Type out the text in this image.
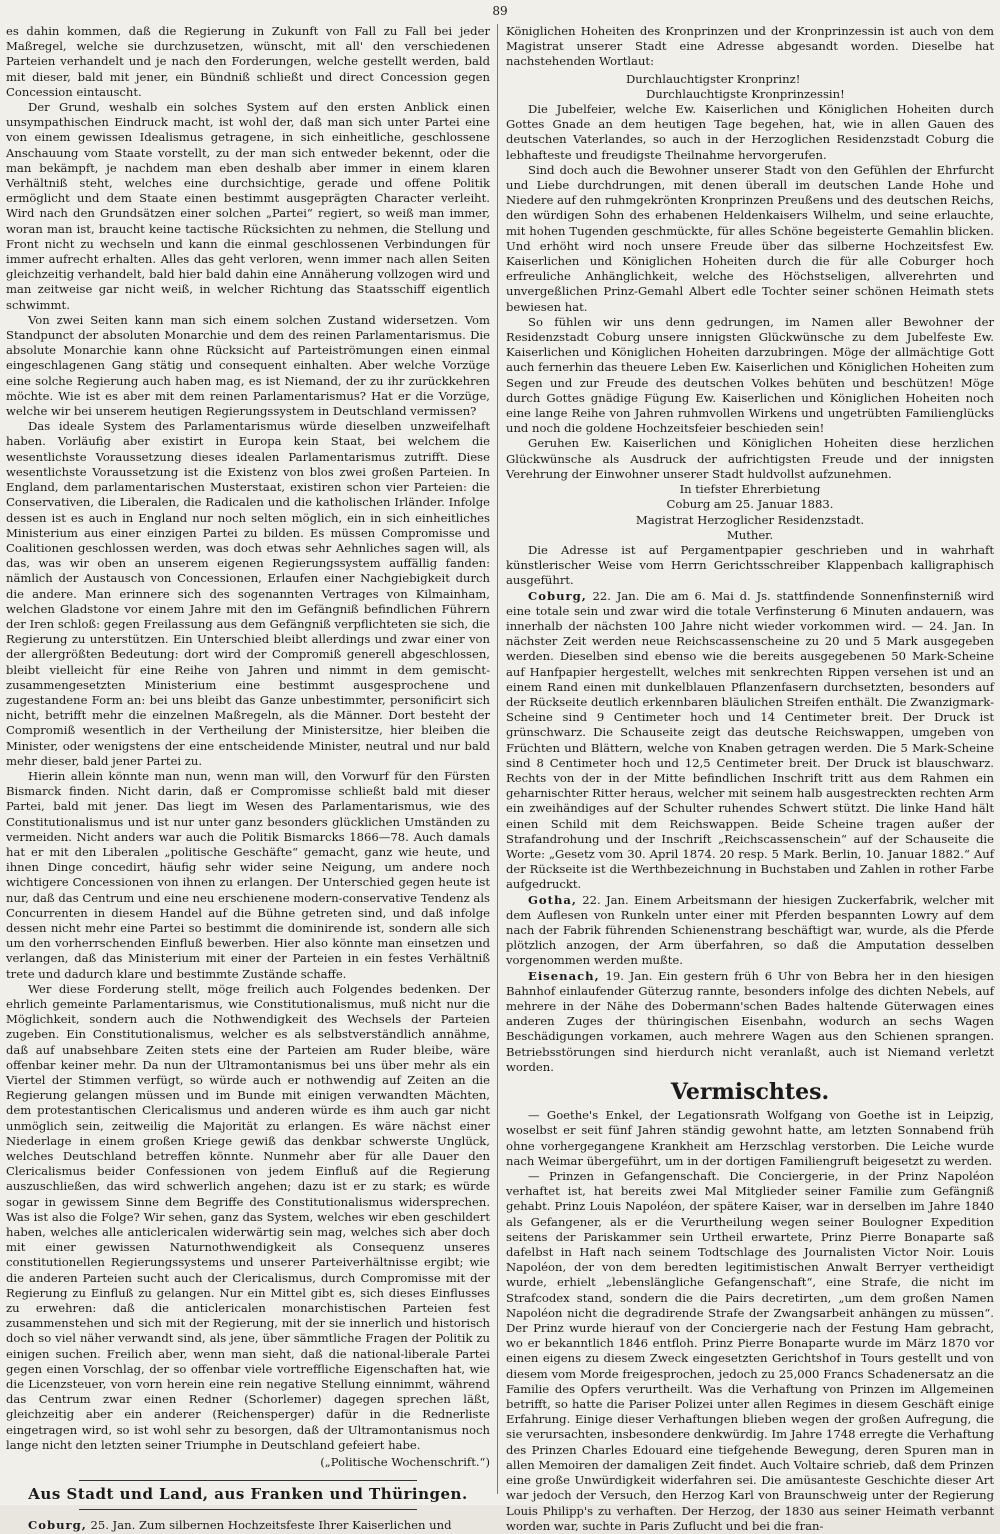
89

es dahin kommen, daß die Regierung in Zukunft von Fall zu Fall bei jeder Maßregel, welche sie durchzusetzen, wünscht, mit all' den verschiedenen Parteien verhandelt und je nach den Forderungen, welche gestellt werden, bald mit dieser, bald mit jener, ein Bündniß schließt und direct Concession gegen Concession eintauscht.

Der Grund, weshalb ein solches System auf den ersten Anblick einen unsympathischen Eindruck macht, ist wohl der, daß man sich unter Partei eine von einem gewissen Idealismus getragene, in sich einheitliche, geschlossene Anschauung vom Staate vorstellt, zu der man sich entweder bekennt, oder die man bekämpft, je nachdem man eben deshalb aber immer in einem klaren Verhältniß steht, welches eine durchsichtige, gerade und offene Politik ermöglicht und dem Staate einen bestimmt ausgeprägten Character verleiht. Wird nach den Grundsätzen einer solchen „Partei“ regiert, so weiß man immer, woran man ist, braucht keine tactische Rücksichten zu nehmen, die Stellung und Front nicht zu wechseln und kann die einmal geschlossenen Verbindungen für immer aufrecht erhalten. Alles das geht verloren, wenn immer nach allen Seiten gleichzeitig verhandelt, bald hier bald dahin eine Annäherung vollzogen wird und man zeitweise gar nicht weiß, in welcher Richtung das Staatsschiff eigentlich schwimmt.

Von zwei Seiten kann man sich einem solchen Zustand widersetzen. Vom Standpunct der absoluten Monarchie und dem des reinen Parlamentarismus. Die absolute Monarchie kann ohne Rücksicht auf Parteiströmungen einen einmal eingeschlagenen Gang stätig und consequent einhalten. Aber welche Vorzüge eine solche Regierung auch haben mag, es ist Niemand, der zu ihr zurückkehren möchte. Wie ist es aber mit dem reinen Parlamentarismus? Hat er die Vorzüge, welche wir bei unserem heutigen Regierungssystem in Deutschland vermissen?

Das ideale System des Parlamentarismus würde dieselben unzweifelhaft haben. Vorläufig aber existirt in Europa kein Staat, bei welchem die wesentlichste Voraussetzung dieses idealen Parlamentarismus zutrifft. Diese wesentlichste Voraussetzung ist die Existenz von blos zwei großen Parteien. In England, dem parlamentarischen Musterstaat, existiren schon vier Parteien: die Conservativen, die Liberalen, die Radicalen und die katholischen Irländer. Infolge dessen ist es auch in England nur noch selten möglich, ein in sich einheitliches Ministerium aus einer einzigen Partei zu bilden. Es müssen Compromisse und Coalitionen geschlossen werden, was doch etwas sehr Aehnliches sagen will, als das, was wir oben an unserem eigenen Regierungssystem auffällig fanden: nämlich der Austausch von Concessionen, Erlaufen einer Nachgiebigkeit durch die andere. Man erinnere sich des sogenannten Vertrages von Kilmainham, welchen Gladstone vor einem Jahre mit den im Gefängniß befindlichen Führern der Iren schloß: gegen Freilassung aus dem Gefängniß verpflichteten sie sich, die Regierung zu unterstützen. Ein Unterschied bleibt allerdings und zwar einer von der allergrößten Bedeutung: dort wird der Compromiß generell abgeschlossen, bleibt vielleicht für eine Reihe von Jahren und nimmt in dem gemischt-zusammengesetzten Ministerium eine bestimmt ausgesprochene und zugestandene Form an: bei uns bleibt das Ganze unbestimmter, personificirt sich nicht, betrifft mehr die einzelnen Maßregeln, als die Männer. Dort besteht der Compromiß wesentlich in der Vertheilung der Ministersitze, hier bleiben die Minister, oder wenigstens der eine entscheidende Minister, neutral und nur bald mehr dieser, bald jener Partei zu.

Hierin allein könnte man nun, wenn man will, den Vorwurf für den Fürsten Bismarck finden. Nicht darin, daß er Compromisse schließt bald mit dieser Partei, bald mit jener. Das liegt im Wesen des Parlamentarismus, wie des Constitutionalismus und ist nur unter ganz besonders glücklichen Umständen zu vermeiden. Nicht anders war auch die Politik Bismarcks 1866—78. Auch damals hat er mit den Liberalen „politische Geschäfte“ gemacht, ganz wie heute, und ihnen Dinge concedirt, häufig sehr wider seine Neigung, um andere noch wichtigere Concessionen von ihnen zu erlangen. Der Unterschied gegen heute ist nur, daß das Centrum und eine neu erschienene modern-conservative Tendenz als Concurrenten in diesem Handel auf die Bühne getreten sind, und daß infolge dessen nicht mehr eine Partei so bestimmt die dominirende ist, sondern alle sich um den vorherrschenden Einfluß bewerben. Hier also könnte man einsetzen und verlangen, daß das Ministerium mit einer der Parteien in ein festes Verhältniß trete und dadurch klare und bestimmte Zustände schaffe.

Wer diese Forderung stellt, möge freilich auch Folgendes bedenken. Der ehrlich gemeinte Parlamentarismus, wie Constitutionalismus, muß nicht nur die Möglichkeit, sondern auch die Nothwendigkeit des Wechsels der Parteien zugeben. Ein Constitutionalismus, welcher es als selbstverständlich annähme, daß auf unabsehbare Zeiten stets eine der Parteien am Ruder bleibe, wäre offenbar keiner mehr. Da nun der Ultramontanismus bei uns über mehr als ein Viertel der Stimmen verfügt, so würde auch er nothwendig auf Zeiten an die Regierung gelangen müssen und im Bunde mit einigen verwandten Mächten, dem protestantischen Clericalismus und anderen würde es ihm auch gar nicht unmöglich sein, zeitweilig die Majorität zu erlangen. Es wäre nächst einer Niederlage in einem großen Kriege gewiß das denkbar schwerste Unglück, welches Deutschland betreffen könnte. Nunmehr aber für alle Dauer den Clericalismus beider Confessionen von jedem Einfluß auf die Regierung auszuschließen, das wird schwerlich angehen; dazu ist er zu stark; es würde sogar in gewissem Sinne dem Begriffe des Constitutionalismus widersprechen. Was ist also die Folge? Wir sehen, ganz das System, welches wir eben geschildert haben, welches alle anticlericalen widerwärtig sein mag, welches sich aber doch mit einer gewissen Naturnothwendigkeit als Consequenz unseres constitutionellen Regierungssystems und unserer Parteiverhältnisse ergibt; wie die anderen Parteien sucht auch der Clericalismus, durch Compromisse mit der Regierung zu Einfluß zu gelangen. Nur ein Mittel gibt es, sich dieses Einflusses zu erwehren: daß die anticlericalen monarchistischen Parteien fest zusammenstehen und sich mit der Regierung, mit der sie innerlich und historisch doch so viel näher verwandt sind, als jene, über sämmtliche Fragen der Politik zu einigen suchen. Freilich aber, wenn man sieht, daß die national-liberale Partei gegen einen Vorschlag, der so offenbar viele vortreffliche Eigenschaften hat, wie die Licenzsteuer, von vorn herein eine rein negative Stellung einnimmt, während das Centrum zwar einen Redner (Schorlemer) dagegen sprechen läßt, gleichzeitig aber ein anderer (Reichensperger) dafür in die Rednerliste eingetragen wird, so ist wohl sehr zu besorgen, daß der Ultramontanismus noch lange nicht den letzten seiner Triumphe in Deutschland gefeiert habe.

(„Politische Wochenschrift.“)

Aus Stadt und Land, aus Franken und Thüringen.

Coburg, 25. Jan. Zum silbernen Hochzeitsfeste Ihrer Kaiserlichen und

Königlichen Hoheiten des Kronprinzen und der Kronprinzessin ist auch von dem Magistrat unserer Stadt eine Adresse abgesandt worden. Dieselbe hat nachstehenden Wortlaut:

Durchlauchtigster Kronprinz!

Durchlauchtigste Kronprinzessin!

Die Jubelfeier, welche Ew. Kaiserlichen und Königlichen Hoheiten durch Gottes Gnade an dem heutigen Tage begehen, hat, wie in allen Gauen des deutschen Vaterlandes, so auch in der Herzoglichen Residenzstadt Coburg die lebhafteste und freudigste Theilnahme hervorgerufen.

Sind doch auch die Bewohner unserer Stadt von den Gefühlen der Ehrfurcht und Liebe durchdrungen, mit denen überall im deutschen Lande Hohe und Niedere auf den ruhmgekrönten Kronprinzen Preußens und des deutschen Reichs, den würdigen Sohn des erhabenen Heldenkaisers Wilhelm, und seine erlauchte, mit hohen Tugenden geschmückte, für alles Schöne begeisterte Gemahlin blicken. Und erhöht wird noch unsere Freude über das silberne Hochzeitsfest Ew. Kaiserlichen und Königlichen Hoheiten durch die für alle Coburger hoch erfreuliche Anhänglichkeit, welche des Höchstseligen, allverehrten und unvergeßlichen Prinz-Gemahl Albert edle Tochter seiner schönen Heimath stets bewiesen hat.

So fühlen wir uns denn gedrungen, im Namen aller Bewohner der Residenzstadt Coburg unsere innigsten Glückwünsche zu dem Jubelfeste Ew. Kaiserlichen und Königlichen Hoheiten darzubringen. Möge der allmächtige Gott auch fernerhin das theuere Leben Ew. Kaiserlichen und Königlichen Hoheiten zum Segen und zur Freude des deutschen Volkes behüten und beschützen! Möge durch Gottes gnädige Fügung Ew. Kaiserlichen und Königlichen Hoheiten noch eine lange Reihe von Jahren ruhmvollen Wirkens und ungetrübten Familienglücks und noch die goldene Hochzeitsfeier beschieden sein!

Geruhen Ew. Kaiserlichen und Königlichen Hoheiten diese herzlichen Glückwünsche als Ausdruck der aufrichtigsten Freude und der innigsten Verehrung der Einwohner unserer Stadt huldvollst aufzunehmen.

In tiefster Ehrerbietung

Coburg am 25. Januar 1883.

Magistrat Herzoglicher Residenzstadt.

Muther.

Die Adresse ist auf Pergamentpapier geschrieben und in wahrhaft künstlerischer Weise vom Herrn Gerichtsschreiber Klappenbach kalligraphisch ausgeführt.

Coburg, 22. Jan. Die am 6. Mai d. Js. stattfindende Sonnenfinsterniß wird eine totale sein und zwar wird die totale Verfinsterung 6 Minuten andauern, was innerhalb der nächsten 100 Jahre nicht wieder vorkommen wird. — 24. Jan. In nächster Zeit werden neue Reichscassenscheine zu 20 und 5 Mark ausgegeben werden. Dieselben sind ebenso wie die bereits ausgegebenen 50 Mark-Scheine auf Hanfpapier hergestellt, welches mit senkrechten Rippen versehen ist und an einem Rand einen mit dunkelblauen Pflanzenfasern durchsetzten, besonders auf der Rückseite deutlich erkennbaren bläulichen Streifen enthält. Die Zwanzigmark-Scheine sind 9 Centimeter hoch und 14 Centimeter breit. Der Druck ist grünschwarz. Die Schauseite zeigt das deutsche Reichswappen, umgeben von Früchten und Blättern, welche von Knaben getragen werden. Die 5 Mark-Scheine sind 8 Centimeter hoch und 12,5 Centimeter breit. Der Druck ist blauschwarz. Rechts von der in der Mitte befindlichen Inschrift tritt aus dem Rahmen ein geharnischter Ritter heraus, welcher mit seinem halb ausgestreckten rechten Arm ein zweihändiges auf der Schulter ruhendes Schwert stützt. Die linke Hand hält einen Schild mit dem Reichswappen. Beide Scheine tragen außer der Strafandrohung und der Inschrift „Reichscassenschein“ auf der Schauseite die Worte: „Gesetz vom 30. April 1874. 20 resp. 5 Mark. Berlin, 10. Januar 1882.“ Auf der Rückseite ist die Werthbezeichnung in Buchstaben und Zahlen in rother Farbe aufgedruckt.

Gotha, 22. Jan. Einem Arbeitsmann der hiesigen Zuckerfabrik, welcher mit dem Auflesen von Runkeln unter einer mit Pferden bespannten Lowry auf dem nach der Fabrik führenden Schienenstrang beschäftigt war, wurde, als die Pferde plötzlich anzogen, der Arm überfahren, so daß die Amputation desselben vorgenommen werden mußte.

Eisenach, 19. Jan. Ein gestern früh 6 Uhr von Bebra her in den hiesigen Bahnhof einlaufender Güterzug rannte, besonders infolge des dichten Nebels, auf mehrere in der Nähe des Dobermann'schen Bades haltende Güterwagen eines anderen Zuges der thüringischen Eisenbahn, wodurch an sechs Wagen Beschädigungen vorkamen, auch mehrere Wagen aus den Schienen sprangen. Betriebsstörungen sind hierdurch nicht veranlaßt, auch ist Niemand verletzt worden.

Vermischtes.

— Goethe's Enkel, der Legationsrath Wolfgang von Goethe ist in Leipzig, woselbst er seit fünf Jahren ständig gewohnt hatte, am letzten Sonnabend früh ohne vorhergegangene Krankheit am Herzschlag verstorben. Die Leiche wurde nach Weimar übergeführt, um in der dortigen Familiengruft beigesetzt zu werden.

— Prinzen in Gefangenschaft. Die Conciergerie, in der Prinz Napoléon verhaftet ist, hat bereits zwei Mal Mitglieder seiner Familie zum Gefängniß gehabt. Prinz Louis Napoléon, der spätere Kaiser, war in derselben im Jahre 1840 als Gefangener, als er die Verurtheilung wegen seiner Boulogner Expedition seitens der Pariskammer sein Urtheil erwartete, Prinz Pierre Bonaparte saß dafelbst in Haft nach seinem Todtschlage des Journalisten Victor Noir. Louis Napoléon, der von dem beredten legitimistischen Anwalt Berryer vertheidigt wurde, erhielt „lebenslängliche Gefangenschaft“, eine Strafe, die nicht im Strafcodex stand, sondern die die Pairs decretirten, „um dem großen Namen Napoléon nicht die degradirende Strafe der Zwangsarbeit anhängen zu müssen“. Der Prinz wurde hierauf von der Conciergerie nach der Festung Ham gebracht, wo er bekanntlich 1846 entfloh. Prinz Pierre Bonaparte wurde im März 1870 vor einen eigens zu diesem Zweck eingesetzten Gerichtshof in Tours gestellt und von diesem vom Morde freigesprochen, jedoch zu 25,000 Francs Schadenersatz an die Familie des Opfers verurtheilt. Was die Verhaftung von Prinzen im Allgemeinen betrifft, so hatte die Pariser Polizei unter allen Regimes in diesem Geschäft einige Erfahrung. Einige dieser Verhaftungen blieben wegen der großen Aufregung, die sie verursachten, insbesondere denkwürdig. Im Jahre 1748 erregte die Verhaftung des Prinzen Charles Edouard eine tiefgehende Bewegung, deren Spuren man in allen Memoiren der damaligen Zeit findet. Auch Voltaire schrieb, daß dem Prinzen eine große Unwürdigkeit widerfahren sei. Die amüsanteste Geschichte dieser Art war jedoch der Versuch, den Herzog Karl von Braunschweig unter der Regierung Louis Philipp's zu verhaften. Der Herzog, der 1830 aus seiner Heimath verbannt worden war, suchte in Paris Zuflucht und bei die fran-
